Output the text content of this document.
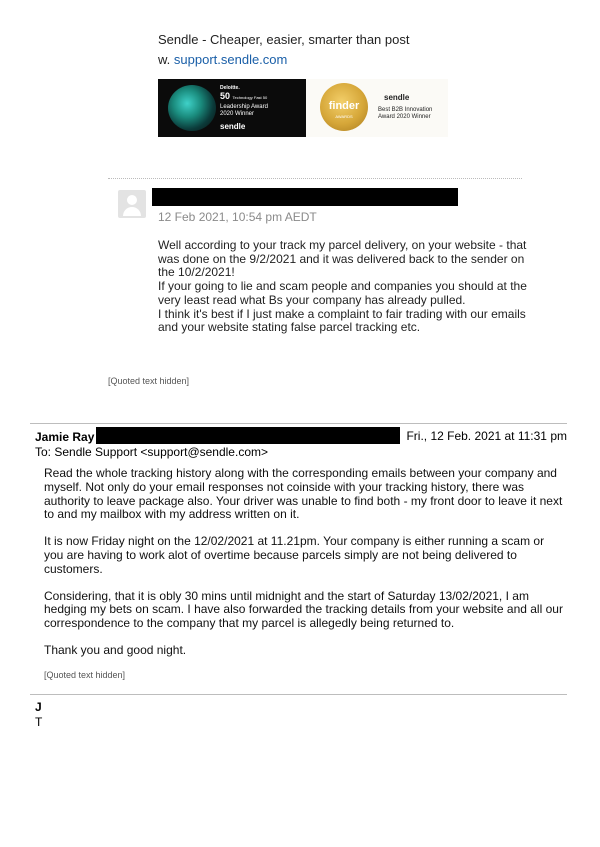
Sendle - Cheaper, easier, smarter than post
w. support.sendle.com
Deloitte.
50 Technology Fast 50
Leadership Award
2020 Winner
sendle
finder
AWARDS
sendle
Best B2B Innovation
Award 2020 Winner
12 Feb 2021, 10:54 pm AEDT

Well according to your track my parcel delivery, on your website - that was done on the 9/2/2021 and it was delivered back to the sender on the 10/2/2021!

If your going to lie and scam people and companies you should at the very least read what Bs your company has already pulled.

I think it's best if I just make a complaint to fair trading with our emails and your website stating false parcel tracking etc.

[Quoted text hidden]
Jamie Ray	Fri., 12 Feb. 2021 at 11:31 pm
To: Sendle Support <support@sendle.com>

Read the whole tracking history along with the corresponding emails between your company and myself. Not only do your email responses not coinside with your tracking history, there was authority to leave package also. Your driver was unable to find both - my front door to leave it next to and my mailbox with my address written on it.

It is now Friday night on the 12/02/2021 at 11.21pm. Your company is either running a scam or you are having to work alot of overtime because parcels simply are not being delivered to customers.

Considering, that it is obly 30 mins until midnight and the start of Saturday 13/02/2021, I am hedging my bets on scam. I have also forwarded the tracking details from your website and all our correspondence to the company that my parcel is allegedly being returned to.

Thank you and good night.

[Quoted text hidden]
J
T
